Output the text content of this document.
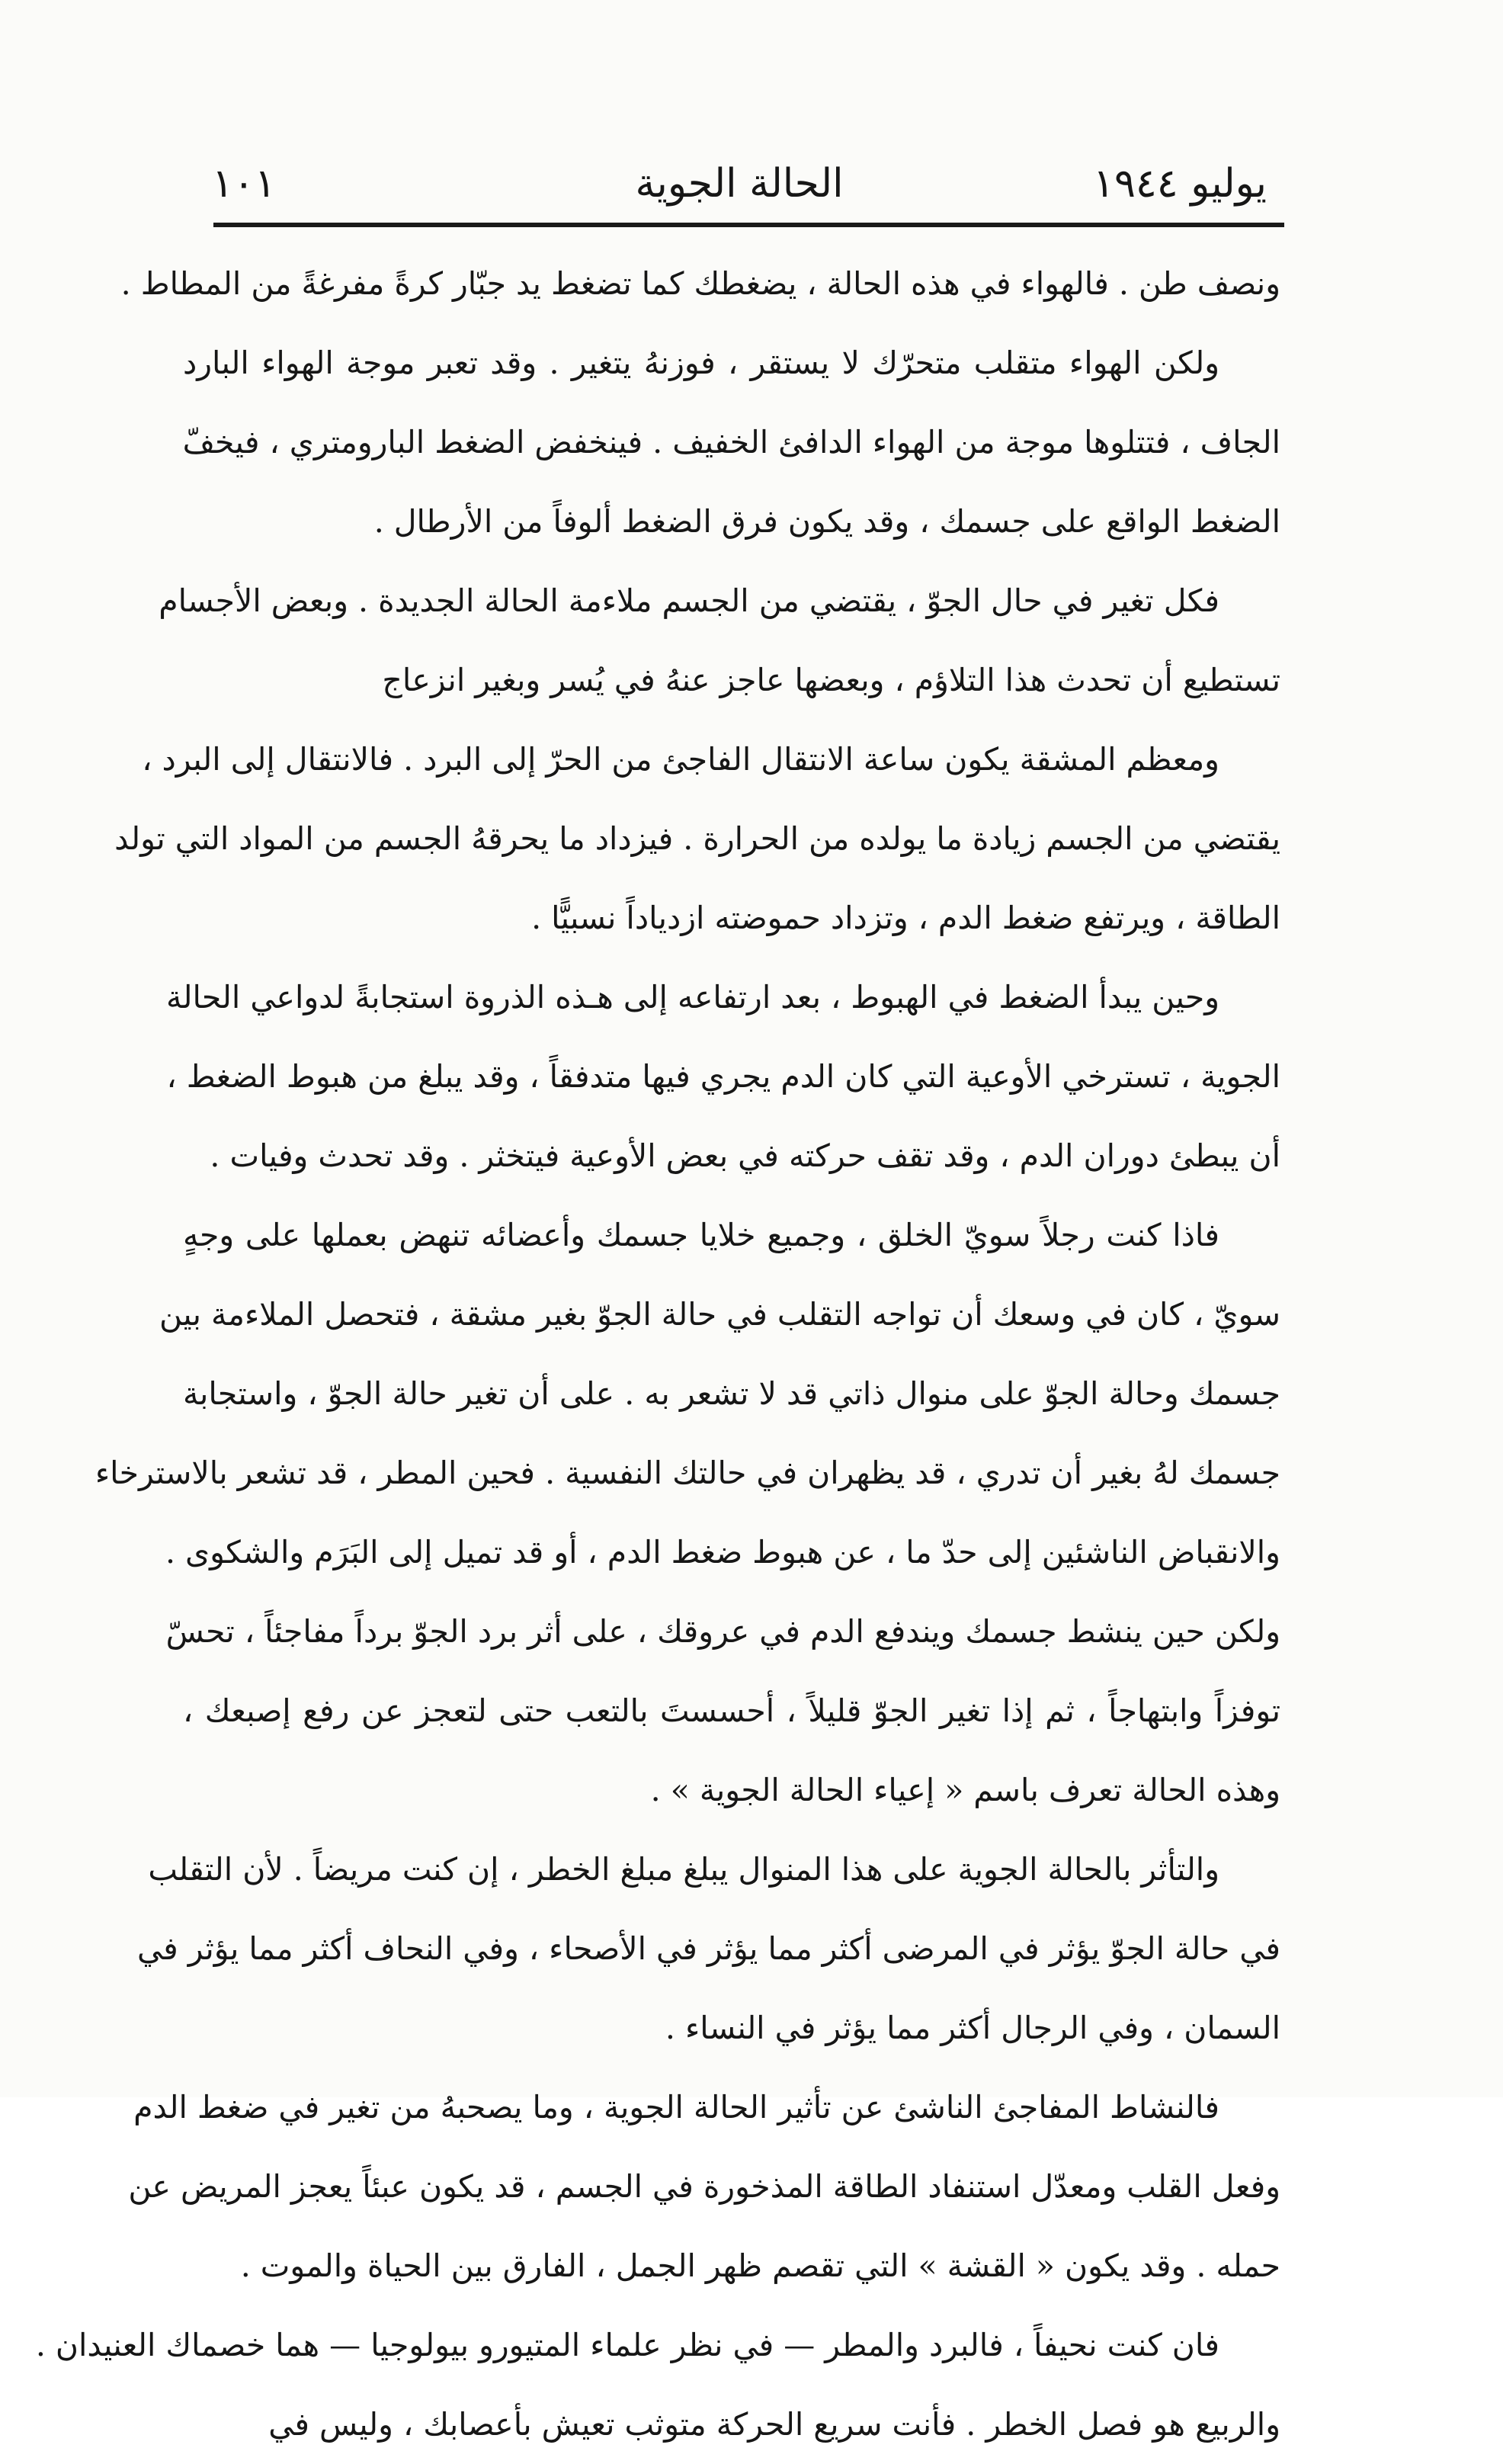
يوليو ١٩٤٤
الحالة الجوية
١٠١
ونصف طن . فالهواء في هذه الحالة ، يضغطك كما تضغط يد جبّار كرةً مفرغةً من المطاط .
ولكن الهواء متقلب متحرّك لا يستقر ، فوزنهُ يتغير . وقد تعبر موجة الهواء البارد
الجاف ، فتتلوها موجة من الهواء الدافئ الخفيف . فينخفض الضغط البارومتري ، فيخفّ
الضغط الواقع على جسمك ، وقد يكون فرق الضغط ألوفاً من الأرطال .
فكل تغير في حال الجوّ ، يقتضي من الجسم ملاءمة الحالة الجديدة . وبعض الأجسام
تستطيع أن تحدث هذا التلاؤم ، وبعضها عاجز عنهُ في يُسر وبغير انزعاج
ومعظم المشقة يكون ساعة الانتقال الفاجئ من الحرّ إلى البرد . فالانتقال إلى البرد ،
يقتضي من الجسم زيادة ما يولده من الحرارة . فيزداد ما يحرقهُ الجسم من المواد التي تولد
الطاقة ، ويرتفع ضغط الدم ، وتزداد حموضته ازدياداً نسبيًّا .
وحين يبدأ الضغط في الهبوط ، بعد ارتفاعه إلى هـذه الذروة استجابةً لدواعي الحالة
الجوية ، تسترخي الأوعية التي كان الدم يجري فيها متدفقاً ، وقد يبلغ من هبوط الضغط ،
أن يبطئ دوران الدم ، وقد تقف حركته في بعض الأوعية فيتخثر . وقد تحدث وفيات .
فاذا كنت رجلاً سويّ الخلق ، وجميع خلايا جسمك وأعضائه تنهض بعملها على وجهٍ
سويّ ، كان في وسعك أن تواجه التقلب في حالة الجوّ بغير مشقة ، فتحصل الملاءمة بين
جسمك وحالة الجوّ على منوال ذاتي قد لا تشعر به . على أن تغير حالة الجوّ ، واستجابة
جسمك لهُ بغير أن تدري ، قد يظهران في حالتك النفسية . فحين المطر ، قد تشعر بالاسترخاء
والانقباض الناشئين إلى حدّ ما ، عن هبوط ضغط الدم ، أو قد تميل إلى البَرَم والشكوى .
ولكن حين ينشط جسمك ويندفع الدم في عروقك ، على أثر برد الجوّ برداً مفاجئاً ، تحسّ
توفزاً وابتهاجاً ، ثم إذا تغير الجوّ قليلاً ، أحسستَ بالتعب حتى لتعجز عن رفع إصبعك ،
وهذه الحالة تعرف باسم « إعياء الحالة الجوية » .
والتأثر بالحالة الجوية على هذا المنوال يبلغ مبلغ الخطر ، إن كنت مريضاً . لأن التقلب
في حالة الجوّ يؤثر في المرضى أكثر مما يؤثر في الأصحاء ، وفي النحاف أكثر مما يؤثر في
السمان ، وفي الرجال أكثر مما يؤثر في النساء .
فالنشاط المفاجئ الناشئ عن تأثير الحالة الجوية ، وما يصحبهُ من تغير في ضغط الدم
وفعل القلب ومعدّل استنفاد الطاقة المذخورة في الجسم ، قد يكون عبئاً يعجز المريض عن
حمله . وقد يكون « القشة » التي تقصم ظهر الجمل ، الفارق بين الحياة والموت .
فان كنت نحيفاً ، فالبرد والمطر — في نظر علماء المتيورو بيولوجيا — هما خصماك العنيدان .
والربيع هو فصل الخطر . فأنت سريع الحركة متوثب تعيش بأعصابك ، وليس في
